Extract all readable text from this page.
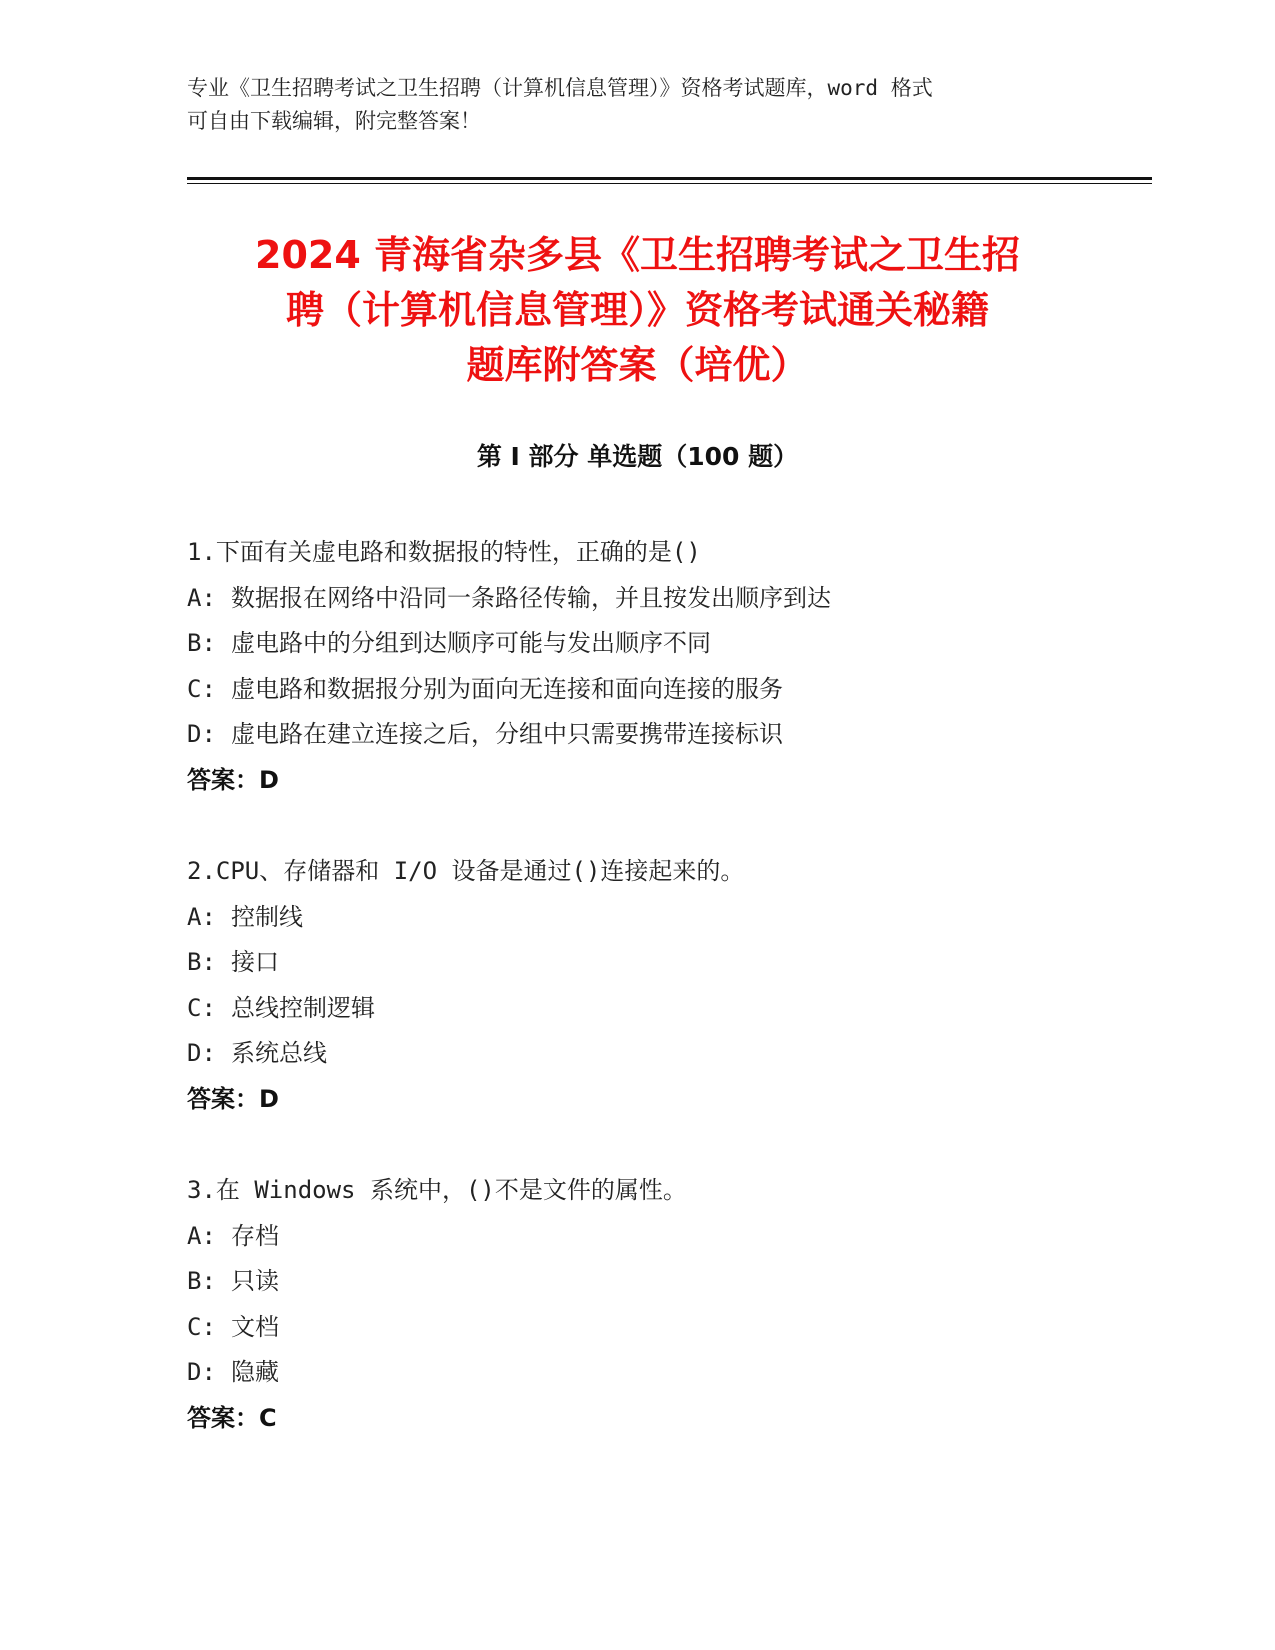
专业《卫生招聘考试之卫生招聘（计算机信息管理）》资格考试题库，word 格式
可自由下载编辑，附完整答案！
2024 青海省杂多县《卫生招聘考试之卫生招
聘（计算机信息管理）》资格考试通关秘籍
题库附答案（培优）
第 I 部分 单选题（100 题）
1.下面有关虚电路和数据报的特性，正确的是()
A: 数据报在网络中沿同一条路径传输，并且按发出顺序到达
B: 虚电路中的分组到达顺序可能与发出顺序不同
C: 虚电路和数据报分别为面向无连接和面向连接的服务
D: 虚电路在建立连接之后，分组中只需要携带连接标识
答案：D
2.CPU、存储器和 I/O 设备是通过()连接起来的。
A: 控制线
B: 接口
C: 总线控制逻辑
D: 系统总线
答案：D
3.在 Windows 系统中，()不是文件的属性。
A: 存档
B: 只读
C: 文档
D: 隐藏
答案：C
